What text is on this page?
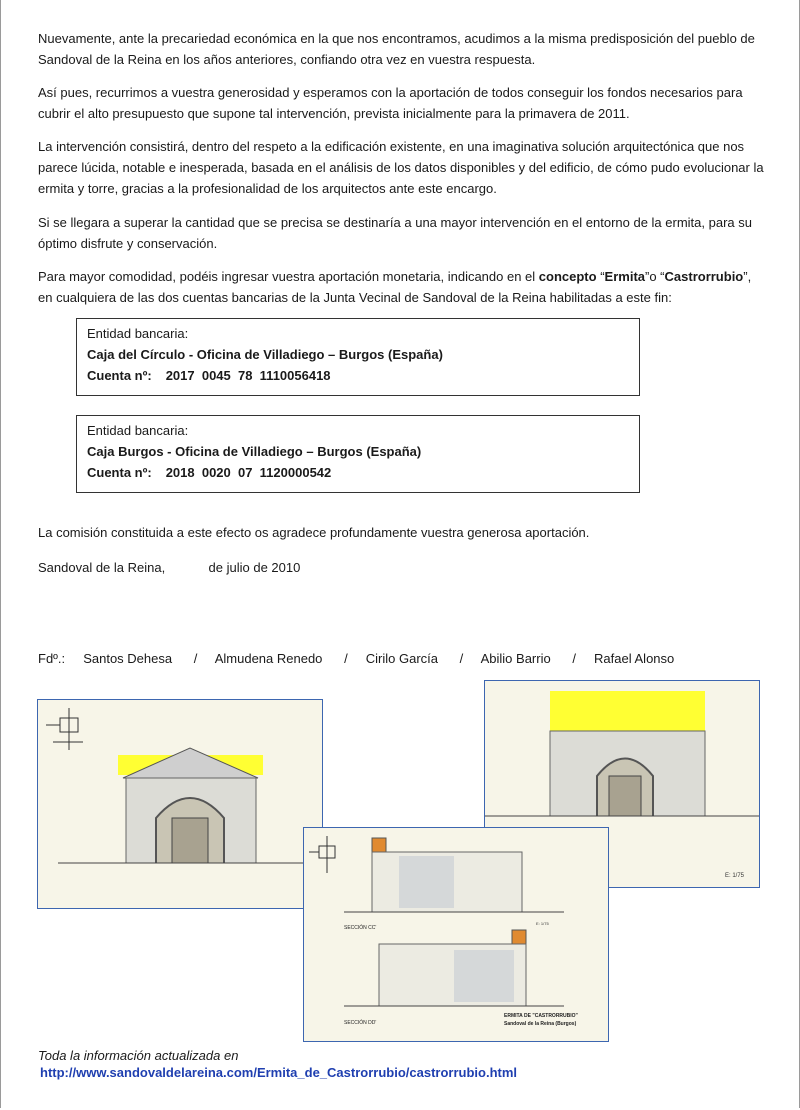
Nuevamente, ante la precariedad económica en la que nos encontramos, acudimos a la misma predisposición del pueblo de Sandoval de la Reina en los años anteriores, confiando otra vez en vuestra respuesta.

Así pues, recurrimos a vuestra generosidad y esperamos con la aportación de todos conseguir los fondos necesarios para cubrir el alto presupuesto que supone tal intervención, prevista inicialmente para la primavera de 2011.

La intervención consistirá, dentro del respeto a la edificación existente, en una imaginativa solución arquitectónica que nos parece lúcida, notable e inesperada, basada en el análisis de los datos disponibles y del edificio, de cómo pudo evolucionar la ermita y torre, gracias a la profesionalidad de los arquitectos ante este encargo.

Si se llegara a superar la cantidad que se precisa se destinaría a una mayor intervención en el entorno de la ermita, para su óptimo disfrute y conservación.

Para mayor comodidad, podéis ingresar vuestra aportación monetaria, indicando en el concepto “Ermita”o “Castrorrubio”, en cualquiera de las dos cuentas bancarias de la Junta Vecinal de Sandoval de la Reina habilitadas a este fin:

Entidad bancaria:
Caja del Círculo - Oficina de Villadiego – Burgos (España)
Cuenta nº: 2017  0045  78  1110056418
Entidad bancaria:
Caja Burgos - Oficina de Villadiego – Burgos (España)
Cuenta nº: 2018  0020  07  1120000542

La comisión constituida a este efecto os agradece profundamente vuestra generosa aportación.

Sandoval de la Reina,            de julio de 2010

Fdº.:     Santos Dehesa      /     Almudena Renedo      /     Cirilo García      /     Abilio Barrio      /     Rafael Alonso
E: 1/75
SECCIÓN CC'
E: 1/75
SECCIÓN DD'
ERMITA DE "CASTRORRUBIO"
Sandoval de la Reina (Burgos)
Toda la información actualizada en
http://www.sandovaldelareina.com/Ermita_de_Castrorrubio/castrorrubio.html
